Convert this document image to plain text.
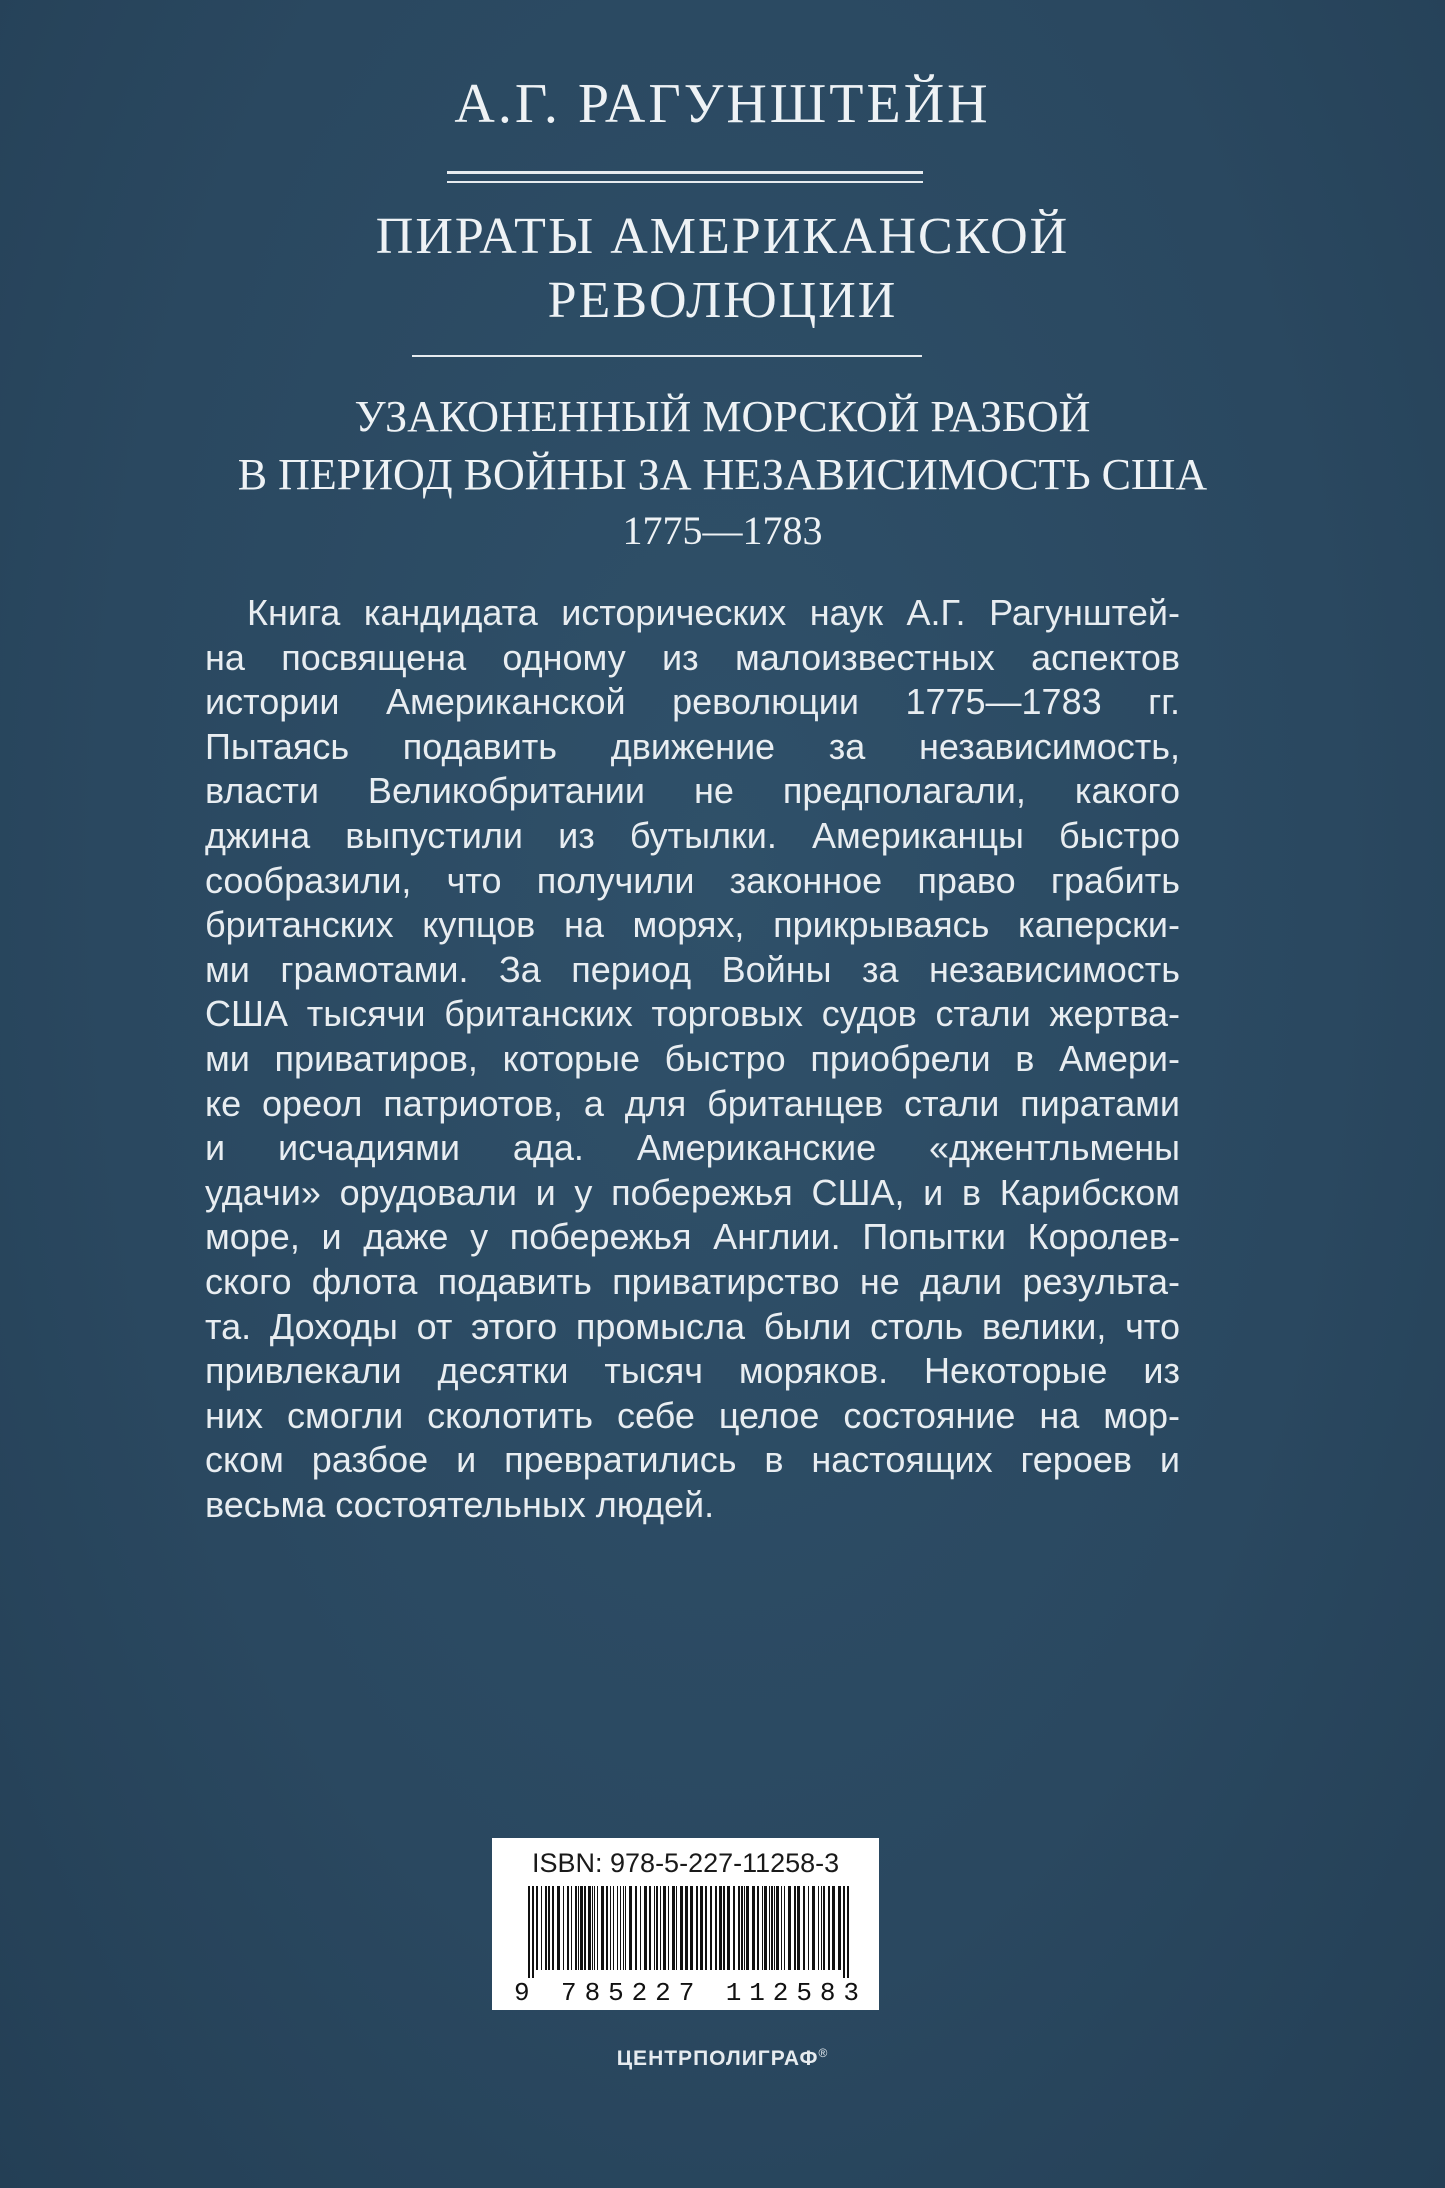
А.Г. РАГУНШТЕЙН
ПИРАТЫ АМЕРИКАНСКОЙ
РЕВОЛЮЦИИ
УЗАКОНЕННЫЙ МОРСКОЙ РАЗБОЙ
В ПЕРИОД ВОЙНЫ ЗА НЕЗАВИСИМОСТЬ США
1775—1783
Книга кандидата исторических наук А.Г. Рагунштей-
на посвящена одному из малоизвестных аспектов
истории Американской революции 1775—1783 гг.
Пытаясь подавить движение за независимость,
власти Великобритании не предполагали, какого
джина выпустили из бутылки. Американцы быстро
сообразили, что получили законное право грабить
британских купцов на морях, прикрываясь каперски-
ми грамотами. За период Войны за независимость
США тысячи британских торговых судов стали жертва-
ми приватиров, которые быстро приобрели в Амери-
ке ореол патриотов, а для британцев стали пиратами
и исчадиями ада. Американские «джентльмены
удачи» орудовали и у побережья США, и в Карибском
море, и даже у побережья Англии. Попытки Королев-
ского флота подавить приватирство не дали результа-
та. Доходы от этого промысла были столь велики, что
привлекали десятки тысяч моряков. Некоторые из
них смогли сколотить себе целое состояние на мор-
ском разбое и превратились в настоящих героев и
весьма состоятельных людей.
ISBN: 978-5-227-11258-3
9 785227 112583
ЦЕНТРПОЛИГРАФ®
